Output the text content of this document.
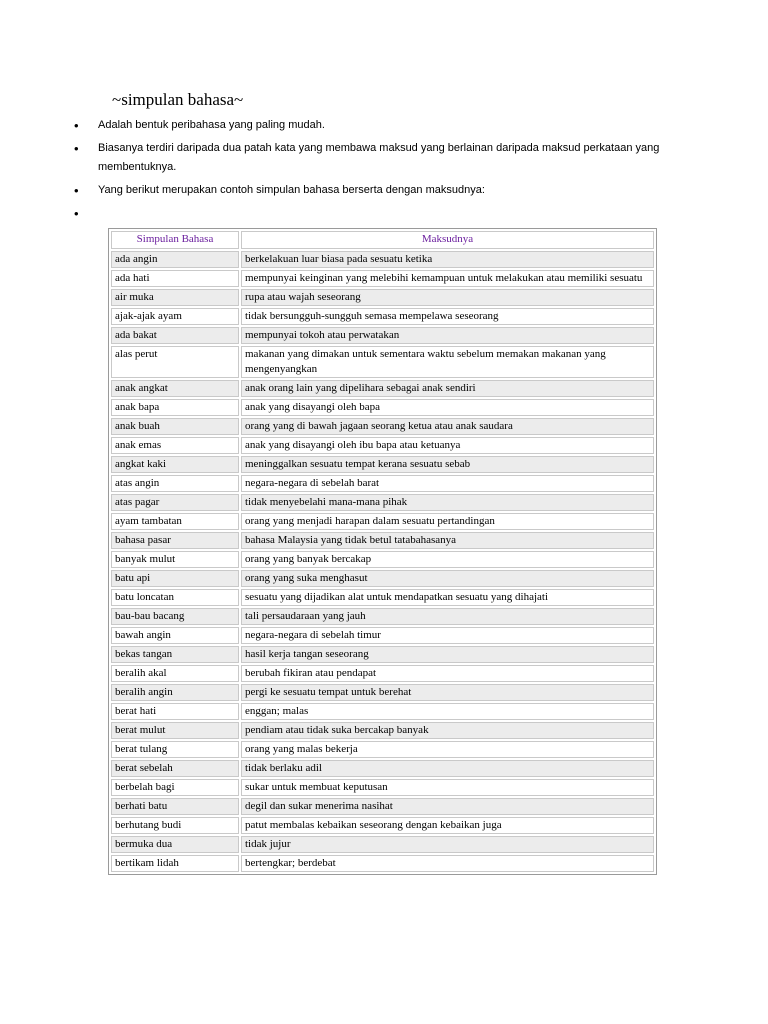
~simpulan bahasa~
• Adalah bentuk peribahasa yang paling mudah.
• Biasanya terdiri daripada dua patah kata yang membawa maksud yang berlainan daripada maksud perkataan yang membentuknya.
• Yang berikut merupakan contoh simpulan bahasa berserta dengan maksudnya:
•
Simpulan Bahasa	Maksudnya
ada angin	berkelakuan luar biasa pada sesuatu ketika
ada hati	mempunyai keinginan yang melebihi kemampuan untuk melakukan atau memiliki sesuatu
air muka	rupa atau wajah seseorang
ajak-ajak ayam	tidak bersungguh-sungguh semasa mempelawa seseorang
ada bakat	mempunyai tokoh atau perwatakan
alas perut	makanan yang dimakan untuk sementara waktu sebelum memakan makanan yang mengenyangkan
anak angkat	anak orang lain yang dipelihara sebagai anak sendiri
anak bapa	anak yang disayangi oleh bapa
anak buah	orang yang di bawah jagaan seorang ketua atau anak saudara
anak emas	anak yang disayangi oleh ibu bapa atau ketuanya
angkat kaki	meninggalkan sesuatu tempat kerana sesuatu sebab
atas angin	negara-negara di sebelah barat
atas pagar	tidak menyebelahi mana-mana pihak
ayam tambatan	orang yang menjadi harapan dalam sesuatu pertandingan
bahasa pasar	bahasa Malaysia yang tidak betul tatabahasanya
banyak mulut	orang yang banyak bercakap
batu api	orang yang suka menghasut
batu loncatan	sesuatu yang dijadikan alat untuk mendapatkan sesuatu yang dihajati
bau-bau bacang	tali persaudaraan yang jauh
bawah angin	negara-negara di sebelah timur
bekas tangan	hasil kerja tangan seseorang
beralih akal	berubah fikiran atau pendapat
beralih angin	pergi ke sesuatu tempat untuk berehat
berat hati	enggan; malas
berat mulut	pendiam atau tidak suka bercakap banyak
berat tulang	orang yang malas bekerja
berat sebelah	tidak berlaku adil
berbelah bagi	sukar untuk membuat keputusan
berhati batu	degil dan sukar menerima nasihat
berhutang budi	patut membalas kebaikan seseorang dengan kebaikan juga
bermuka dua	tidak jujur
bertikam lidah	bertengkar; berdebat
